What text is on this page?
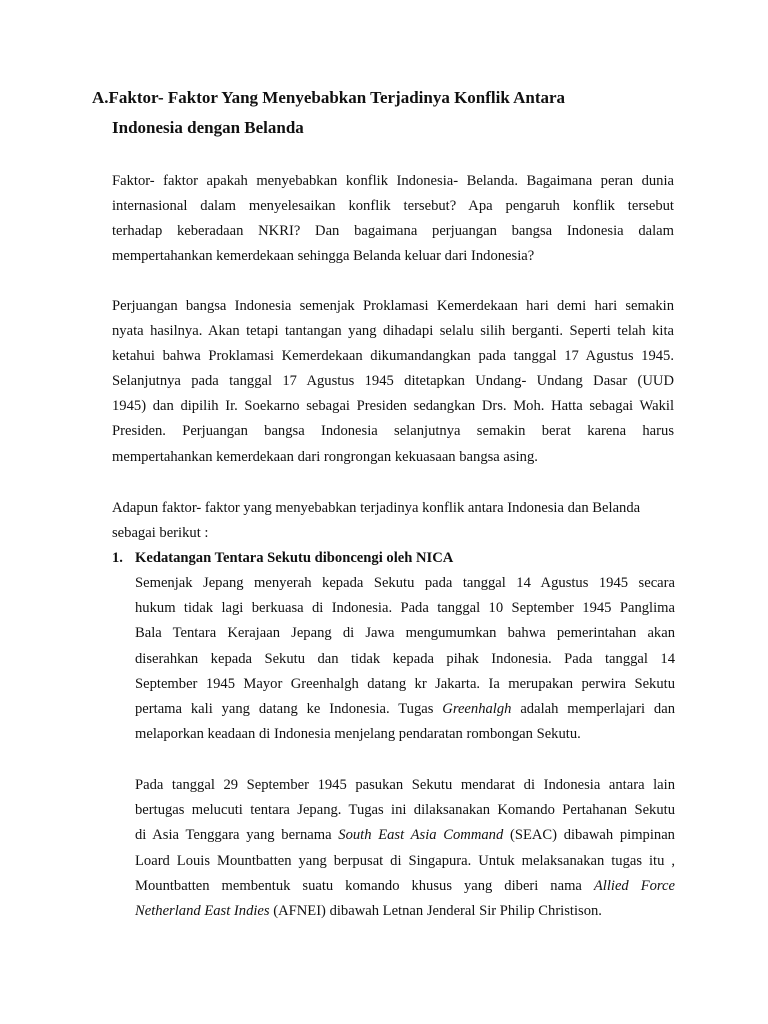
A.Faktor- Faktor Yang Menyebabkan Terjadinya Konflik Antara
Indonesia dengan Belanda
Faktor- faktor apakah menyebabkan konflik Indonesia- Belanda. Bagaimana peran dunia
internasional dalam menyelesaikan konflik tersebut? Apa pengaruh konflik tersebut
terhadap keberadaan NKRI? Dan bagaimana perjuangan bangsa Indonesia dalam
mempertahankan kemerdekaan sehingga Belanda keluar dari Indonesia?
Perjuangan bangsa Indonesia semenjak Proklamasi Kemerdekaan hari demi hari semakin
nyata hasilnya. Akan tetapi tantangan yang dihadapi selalu silih berganti. Seperti telah kita
ketahui bahwa Proklamasi Kemerdekaan dikumandangkan pada tanggal 17 Agustus 1945.
Selanjutnya pada tanggal 17 Agustus 1945 ditetapkan Undang- Undang Dasar (UUD
1945) dan dipilih Ir. Soekarno sebagai Presiden sedangkan Drs. Moh. Hatta sebagai Wakil
Presiden. Perjuangan bangsa Indonesia selanjutnya semakin berat karena harus
mempertahankan kemerdekaan dari rongrongan kekuasaan bangsa asing.
Adapun faktor- faktor yang menyebabkan terjadinya konflik antara Indonesia dan Belanda
sebagai berikut :
1. Kedatangan Tentara Sekutu diboncengi oleh NICA
Semenjak Jepang menyerah kepada Sekutu pada tanggal 14 Agustus 1945 secara
hukum tidak lagi berkuasa di Indonesia. Pada tanggal 10 September 1945 Panglima
Bala Tentara Kerajaan Jepang di Jawa mengumumkan bahwa pemerintahan akan
diserahkan kepada Sekutu dan tidak kepada pihak Indonesia. Pada tanggal 14
September 1945 Mayor Greenhalgh datang kr Jakarta. Ia merupakan perwira Sekutu
pertama kali yang datang ke Indonesia. Tugas Greenhalgh adalah memperlajari dan
melaporkan keadaan di Indonesia menjelang pendaratan rombongan Sekutu.
Pada tanggal 29 September 1945 pasukan Sekutu mendarat di Indonesia antara lain
bertugas melucuti tentara Jepang. Tugas ini dilaksanakan Komando Pertahanan Sekutu
di Asia Tenggara yang bernama South East Asia Command (SEAC) dibawah pimpinan
Loard Louis Mountbatten yang berpusat di Singapura. Untuk melaksanakan tugas itu ,
Mountbatten membentuk suatu komando khusus yang diberi nama Allied Force
Netherland East Indies (AFNEI) dibawah Letnan Jenderal Sir Philip Christison.
